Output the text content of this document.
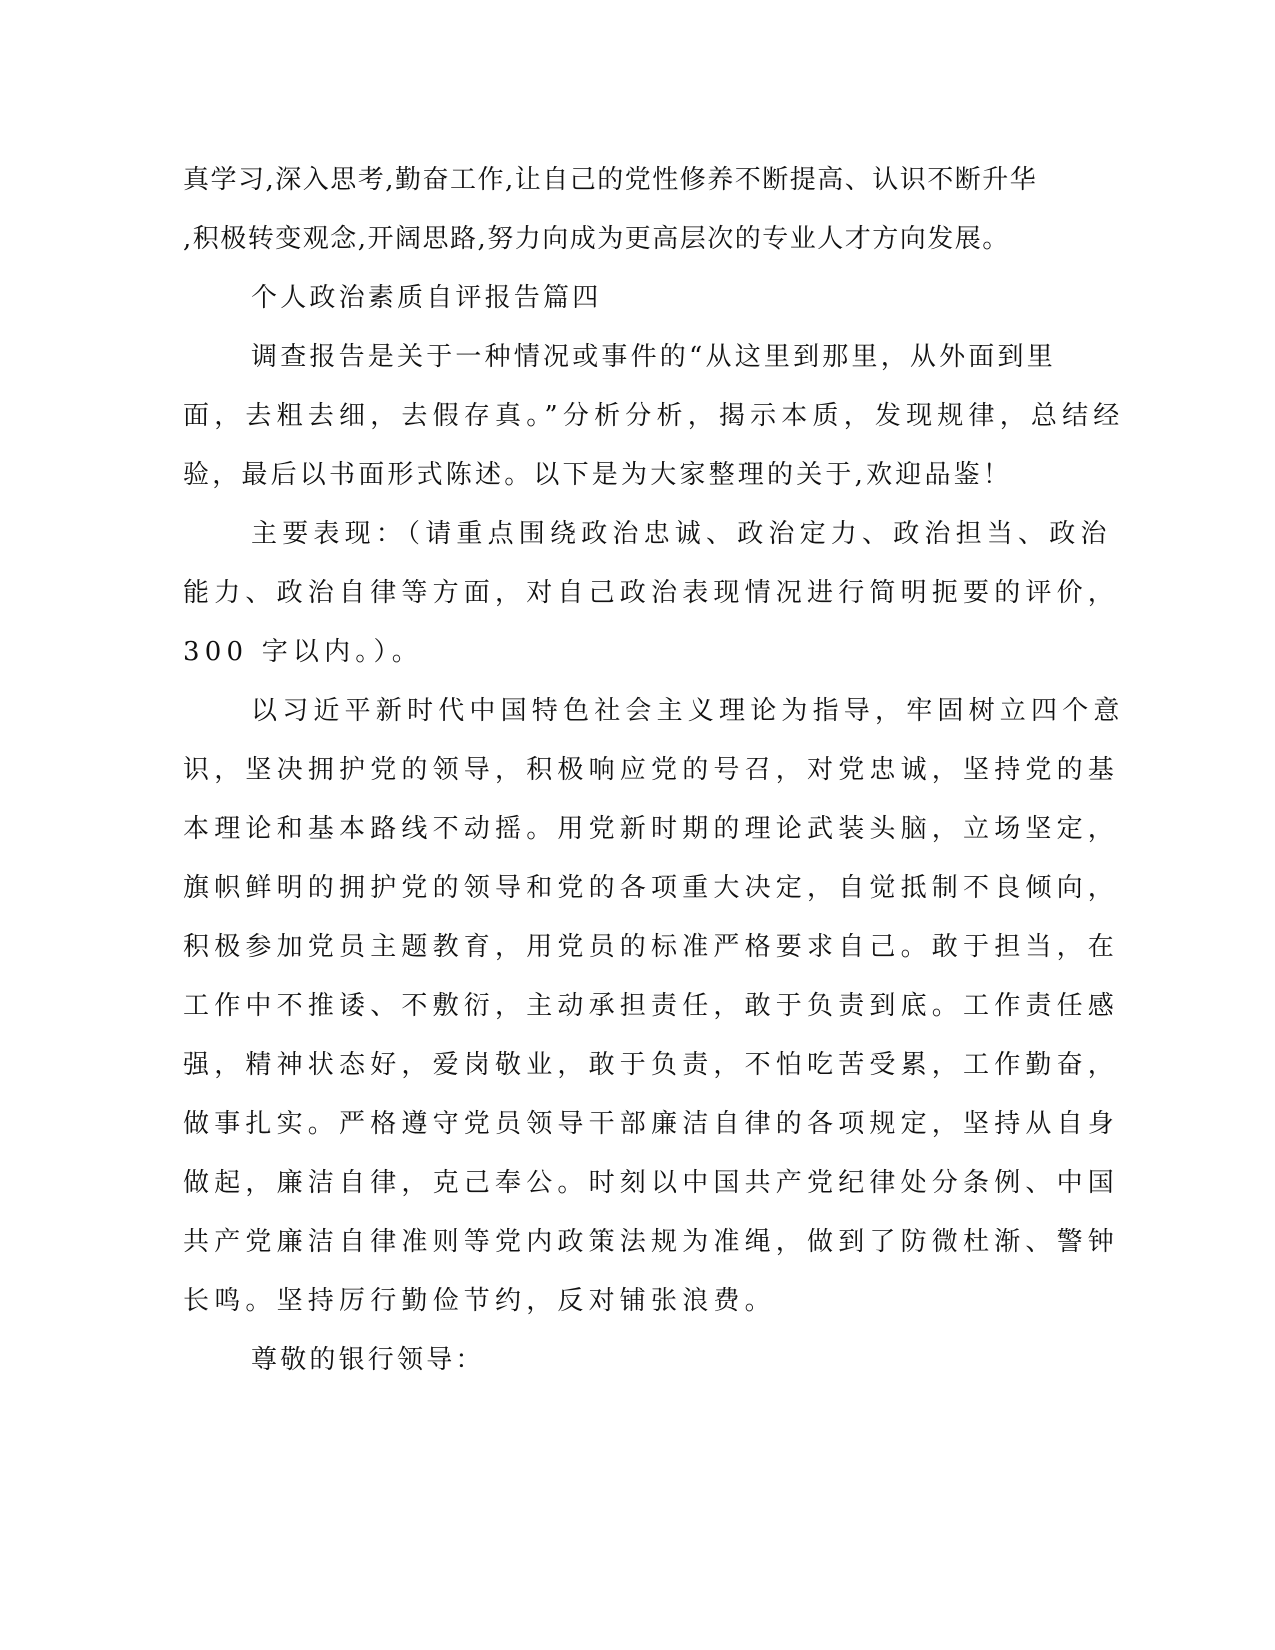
真学习,深入思考,勤奋工作,让自己的党性修养不断提高、认识不断升华
,积极转变观念,开阔思路,努力向成为更高层次的专业人才方向发展。
个人政治素质自评报告篇四
调查报告是关于一种情况或事件的“从这里到那里，从外面到里
面，去粗去细，去假存真。”分析分析，揭示本质，发现规律，总结经
验，最后以书面形式陈述。以下是为大家整理的关于,欢迎品鉴！
主要表现：（请重点围绕政治忠诚、政治定力、政治担当、政治
能力、政治自律等方面，对自己政治表现情况进行简明扼要的评价，
300 字以内。）。
以习近平新时代中国特色社会主义理论为指导，牢固树立四个意
识，坚决拥护党的领导，积极响应党的号召，对党忠诚，坚持党的基
本理论和基本路线不动摇。用党新时期的理论武装头脑，立场坚定，
旗帜鲜明的拥护党的领导和党的各项重大决定，自觉抵制不良倾向，
积极参加党员主题教育，用党员的标准严格要求自己。敢于担当，在
工作中不推诿、不敷衍，主动承担责任，敢于负责到底。工作责任感
强，精神状态好，爱岗敬业，敢于负责，不怕吃苦受累，工作勤奋，
做事扎实。严格遵守党员领导干部廉洁自律的各项规定，坚持从自身
做起，廉洁自律，克己奉公。时刻以中国共产党纪律处分条例、中国
共产党廉洁自律准则等党内政策法规为准绳，做到了防微杜渐、警钟
长鸣。坚持厉行勤俭节约，反对铺张浪费。
尊敬的银行领导：
